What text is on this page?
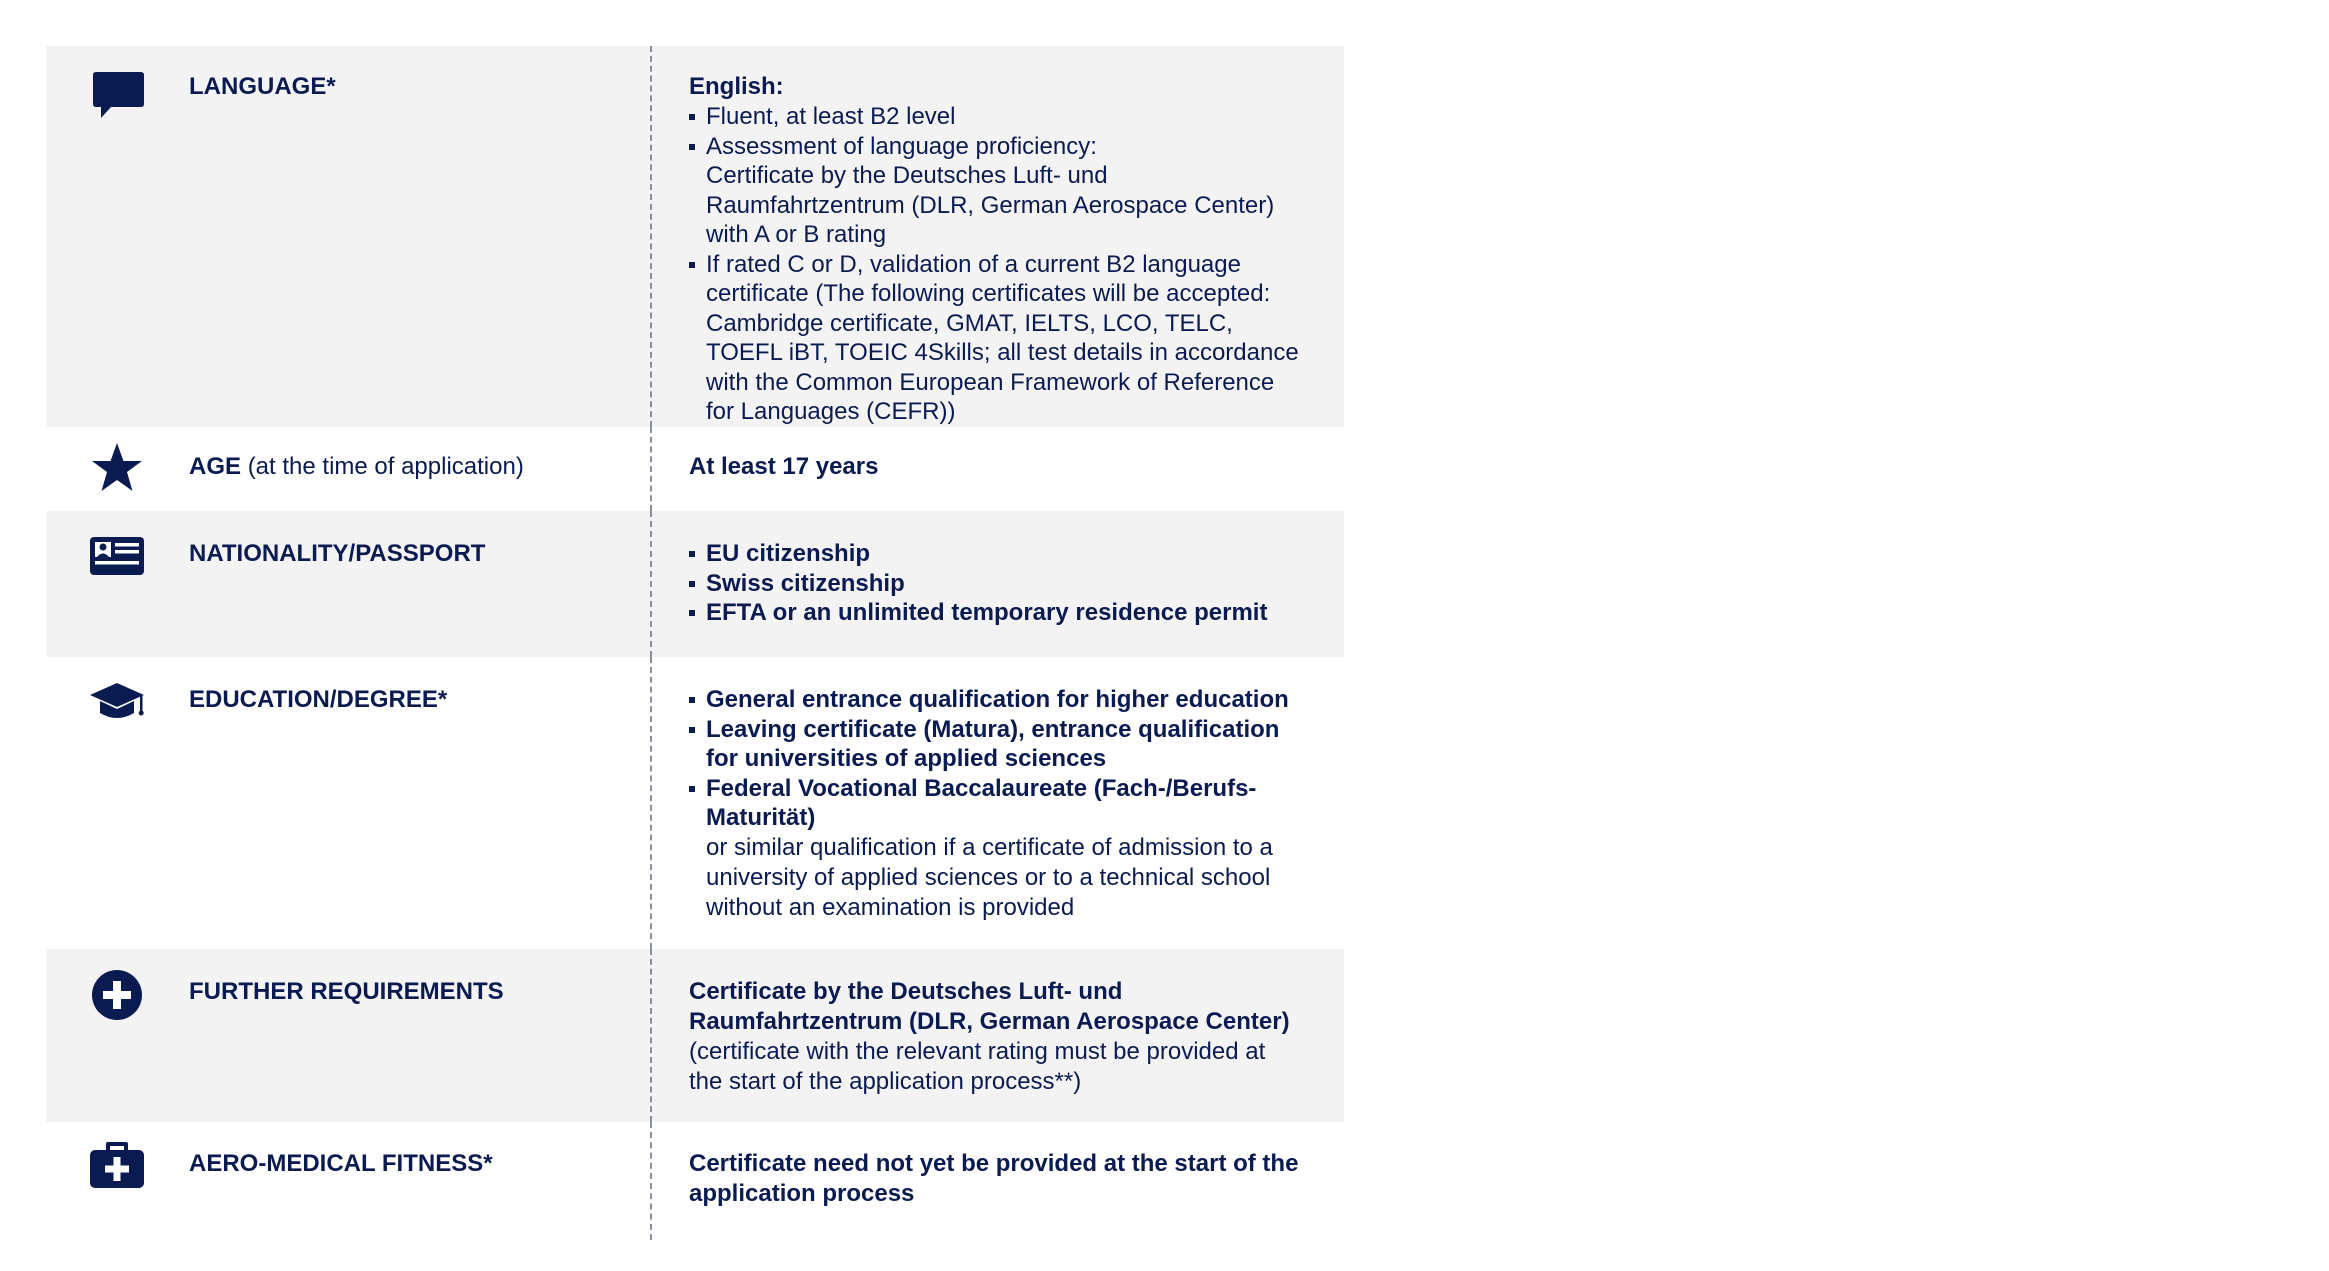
LANGUAGE*	English:
Fluent, at least B2 level
Assessment of language proficiency:
Certificate by the Deutsches Luft- und Raumfahrtzentrum (DLR, German Aerospace Center) with A or B rating
If rated C or D, validation of a current B2 language certificate (The following certificates will be accepted: Cambridge certificate, GMAT, IELTS, LCO, TELC, TOEFL iBT, TOEIC 4Skills; all test details in accordance with the Common European Framework of Reference for Languages (CEFR))
AGE (at the time of application)	At least 17 years
NATIONALITY/PASSPORT	EU citizenship
Swiss citizenship
EFTA or an unlimited temporary residence permit
EDUCATION/DEGREE*	General entrance qualification for higher education
Leaving certificate (Matura), entrance qualification for universities of applied sciences
Federal Vocational Baccalaureate (Fach-/Berufs-Maturität)
or similar qualification if a certificate of admission to a university of applied sciences or to a technical school without an examination is provided
FURTHER REQUIREMENTS	Certificate by the Deutsches Luft- und Raumfahrtzentrum (DLR, German Aerospace Center)
(certificate with the relevant rating must be provided at the start of the application process**)
AERO-MEDICAL FITNESS*	Certificate need not yet be provided at the start of the application process
